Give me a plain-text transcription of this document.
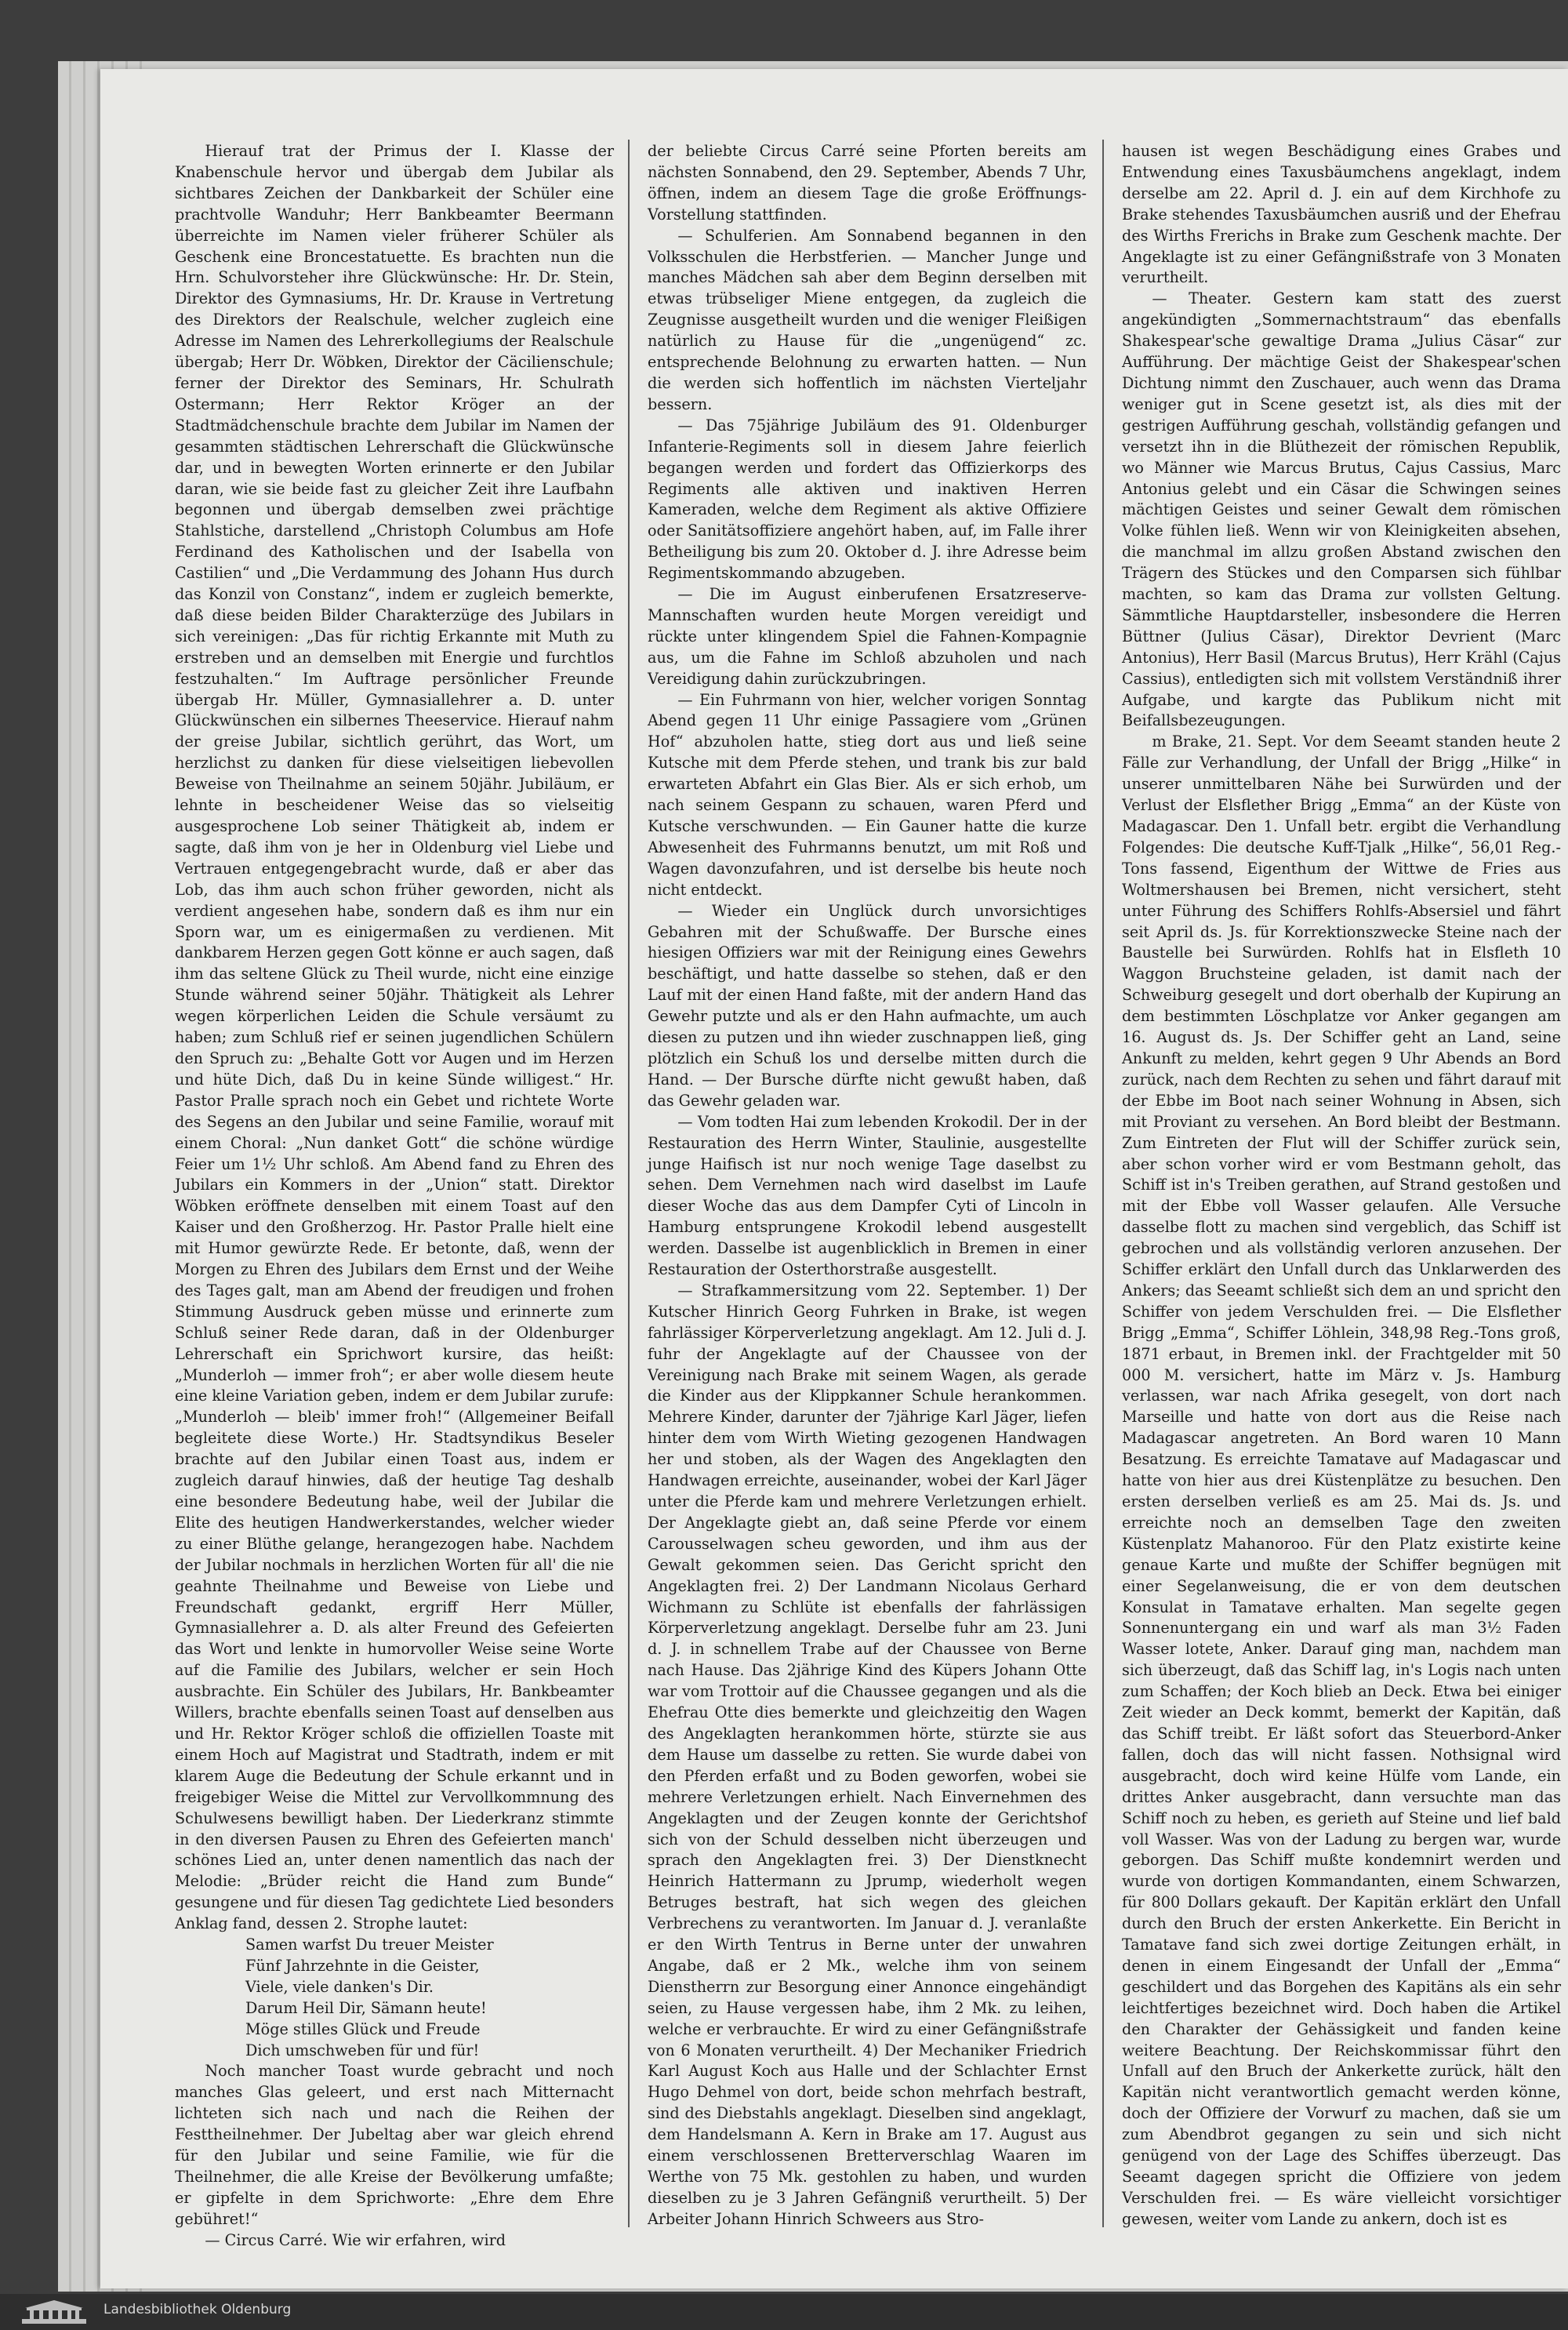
Hierauf trat der Primus der I. Klasse der Knabenschule hervor und übergab dem Jubilar als sichtbares Zeichen der Dankbarkeit der Schüler eine prachtvolle Wanduhr; Herr Bankbeamter Beermann überreichte im Namen vieler früherer Schüler als Geschenk eine Broncestatuette. Es brachten nun die Hrn. Schulvorsteher ihre Glückwünsche: Hr. Dr. Stein, Direktor des Gymnasiums, Hr. Dr. Krause in Vertretung des Direktors der Realschule, welcher zugleich eine Adresse im Namen des Lehrerkollegiums der Realschule übergab; Herr Dr. Wöbken, Direktor der Cäcilienschule; ferner der Direktor des Seminars, Hr. Schulrath Ostermann; Herr Rektor Kröger an der Stadtmädchenschule brachte dem Jubilar im Namen der gesammten städtischen Lehrerschaft die Glückwünsche dar, und in bewegten Worten erinnerte er den Jubilar daran, wie sie beide fast zu gleicher Zeit ihre Laufbahn begonnen und übergab demselben zwei prächtige Stahlstiche, darstellend „Christoph Columbus am Hofe Ferdinand des Katholischen und der Isabella von Castilien“ und „Die Verdammung des Johann Hus durch das Konzil von Constanz“, indem er zugleich bemerkte, daß diese beiden Bilder Charakterzüge des Jubilars in sich vereinigen: „Das für richtig Erkannte mit Muth zu erstreben und an demselben mit Energie und furchtlos festzuhalten.“ Im Auftrage persönlicher Freunde übergab Hr. Müller, Gymnasiallehrer a. D. unter Glückwünschen ein silbernes Theeservice. Hierauf nahm der greise Jubilar, sichtlich gerührt, das Wort, um herzlichst zu danken für diese vielseitigen liebevollen Beweise von Theilnahme an seinem 50jähr. Jubiläum, er lehnte in bescheidener Weise das so vielseitig ausgesprochene Lob seiner Thätigkeit ab, indem er sagte, daß ihm von je her in Oldenburg viel Liebe und Vertrauen entgegengebracht wurde, daß er aber das Lob, das ihm auch schon früher geworden, nicht als verdient angesehen habe, sondern daß es ihm nur ein Sporn war, um es einigermaßen zu verdienen. Mit dankbarem Herzen gegen Gott könne er auch sagen, daß ihm das seltene Glück zu Theil wurde, nicht eine einzige Stunde während seiner 50jähr. Thätigkeit als Lehrer wegen körperlichen Leiden die Schule versäumt zu haben; zum Schluß rief er seinen jugendlichen Schülern den Spruch zu: „Behalte Gott vor Augen und im Herzen und hüte Dich, daß Du in keine Sünde willigest.“ Hr. Pastor Pralle sprach noch ein Gebet und richtete Worte des Segens an den Jubilar und seine Familie, worauf mit einem Choral: „Nun danket Gott“ die schöne würdige Feier um 1½ Uhr schloß. Am Abend fand zu Ehren des Jubilars ein Kommers in der „Union“ statt. Direktor Wöbken eröffnete denselben mit einem Toast auf den Kaiser und den Großherzog. Hr. Pastor Pralle hielt eine mit Humor gewürzte Rede. Er betonte, daß, wenn der Morgen zu Ehren des Jubilars dem Ernst und der Weihe des Tages galt, man am Abend der freudigen und frohen Stimmung Ausdruck geben müsse und erinnerte zum Schluß seiner Rede daran, daß in der Oldenburger Lehrerschaft ein Sprichwort kursire, das heißt: „Munderloh — immer froh“; er aber wolle diesem heute eine kleine Variation geben, indem er dem Jubilar zurufe: „Munderloh — bleib' immer froh!“ (Allgemeiner Beifall begleitete diese Worte.) Hr. Stadtsyndikus Beseler brachte auf den Jubilar einen Toast aus, indem er zugleich darauf hinwies, daß der heutige Tag deshalb eine besondere Bedeutung habe, weil der Jubilar die Elite des heutigen Handwerkerstandes, welcher wieder zu einer Blüthe gelange, herangezogen habe. Nachdem der Jubilar nochmals in herzlichen Worten für all' die nie geahnte Theilnahme und Beweise von Liebe und Freundschaft gedankt, ergriff Herr Müller, Gymnasiallehrer a. D. als alter Freund des Gefeierten das Wort und lenkte in humorvoller Weise seine Worte auf die Familie des Jubilars, welcher er sein Hoch ausbrachte. Ein Schüler des Jubilars, Hr. Bankbeamter Willers, brachte ebenfalls seinen Toast auf denselben aus und Hr. Rektor Kröger schloß die offiziellen Toaste mit einem Hoch auf Magistrat und Stadtrath, indem er mit klarem Auge die Bedeutung der Schule erkannt und in freigebiger Weise die Mittel zur Vervollkommnung des Schulwesens bewilligt haben. Der Liederkranz stimmte in den diversen Pausen zu Ehren des Gefeierten manch' schönes Lied an, unter denen namentlich das nach der Melodie: „Brüder reicht die Hand zum Bunde“ gesungene und für diesen Tag gedichtete Lied besonders Anklag fand, dessen 2. Strophe lautet:

Samen warfst Du treuer Meister

Fünf Jahrzehnte in die Geister,

Viele, viele danken's Dir.

Darum Heil Dir, Sämann heute!

Möge stilles Glück und Freude

Dich umschweben für und für!

Noch mancher Toast wurde gebracht und noch manches Glas geleert, und erst nach Mitternacht lichteten sich nach und nach die Reihen der Festtheilnehmer. Der Jubeltag aber war gleich ehrend für den Jubilar und seine Familie, wie für die Theilnehmer, die alle Kreise der Bevölkerung umfaßte; er gipfelte in dem Sprichworte: „Ehre dem Ehre gebühret!“

— Circus Carré. Wie wir erfahren, wird

der beliebte Circus Carré seine Pforten bereits am nächsten Sonnabend, den 29. September, Abends 7 Uhr, öffnen, indem an diesem Tage die große Eröffnungs-Vorstellung stattfinden.

— Schulferien. Am Sonnabend begannen in den Volksschulen die Herbstferien. — Mancher Junge und manches Mädchen sah aber dem Beginn derselben mit etwas trübseliger Miene entgegen, da zugleich die Zeugnisse ausgetheilt wurden und die weniger Fleißigen natürlich zu Hause für die „ungenügend“ zc. entsprechende Belohnung zu erwarten hatten. — Nun die werden sich hoffentlich im nächsten Vierteljahr bessern.

— Das 75jährige Jubiläum des 91. Oldenburger Infanterie-Regiments soll in diesem Jahre feierlich begangen werden und fordert das Offizierkorps des Regiments alle aktiven und inaktiven Herren Kameraden, welche dem Regiment als aktive Offiziere oder Sanitätsoffiziere angehört haben, auf, im Falle ihrer Betheiligung bis zum 20. Oktober d. J. ihre Adresse beim Regimentskommando abzugeben.

— Die im August einberufenen Ersatzreserve-Mannschaften wurden heute Morgen vereidigt und rückte unter klingendem Spiel die Fahnen-Kompagnie aus, um die Fahne im Schloß abzuholen und nach Vereidigung dahin zurückzubringen.

— Ein Fuhrmann von hier, welcher vorigen Sonntag Abend gegen 11 Uhr einige Passagiere vom „Grünen Hof“ abzuholen hatte, stieg dort aus und ließ seine Kutsche mit dem Pferde stehen, und trank bis zur bald erwarteten Abfahrt ein Glas Bier. Als er sich erhob, um nach seinem Gespann zu schauen, waren Pferd und Kutsche verschwunden. — Ein Gauner hatte die kurze Abwesenheit des Fuhrmanns benutzt, um mit Roß und Wagen davonzufahren, und ist derselbe bis heute noch nicht entdeckt.

— Wieder ein Unglück durch unvorsichtiges Gebahren mit der Schußwaffe. Der Bursche eines hiesigen Offiziers war mit der Reinigung eines Gewehrs beschäftigt, und hatte dasselbe so stehen, daß er den Lauf mit der einen Hand faßte, mit der andern Hand das Gewehr putzte und als er den Hahn aufmachte, um auch diesen zu putzen und ihn wieder zuschnappen ließ, ging plötzlich ein Schuß los und derselbe mitten durch die Hand. — Der Bursche dürfte nicht gewußt haben, daß das Gewehr geladen war.

— Vom todten Hai zum lebenden Krokodil. Der in der Restauration des Herrn Winter, Staulinie, ausgestellte junge Haifisch ist nur noch wenige Tage daselbst zu sehen. Dem Vernehmen nach wird daselbst im Laufe dieser Woche das aus dem Dampfer Cyti of Lincoln in Hamburg entsprungene Krokodil lebend ausgestellt werden. Dasselbe ist augenblicklich in Bremen in einer Restauration der Osterthorstraße ausgestellt.

— Strafkammersitzung vom 22. September. 1) Der Kutscher Hinrich Georg Fuhrken in Brake, ist wegen fahrlässiger Körperverletzung angeklagt. Am 12. Juli d. J. fuhr der Angeklagte auf der Chaussee von der Vereinigung nach Brake mit seinem Wagen, als gerade die Kinder aus der Klippkanner Schule herankommen. Mehrere Kinder, darunter der 7jährige Karl Jäger, liefen hinter dem vom Wirth Wieting gezogenen Handwagen her und stoben, als der Wagen des Angeklagten den Handwagen erreichte, auseinander, wobei der Karl Jäger unter die Pferde kam und mehrere Verletzungen erhielt. Der Angeklagte giebt an, daß seine Pferde vor einem Carousselwagen scheu geworden, und ihm aus der Gewalt gekommen seien. Das Gericht spricht den Angeklagten frei. 2) Der Landmann Nicolaus Gerhard Wichmann zu Schlüte ist ebenfalls der fahrlässigen Körperverletzung angeklagt. Derselbe fuhr am 23. Juni d. J. in schnellem Trabe auf der Chaussee von Berne nach Hause. Das 2jährige Kind des Küpers Johann Otte war vom Trottoir auf die Chaussee gegangen und als die Ehefrau Otte dies bemerkte und gleichzeitig den Wagen des Angeklagten herankommen hörte, stürzte sie aus dem Hause um dasselbe zu retten. Sie wurde dabei von den Pferden erfaßt und zu Boden geworfen, wobei sie mehrere Verletzungen erhielt. Nach Einvernehmen des Angeklagten und der Zeugen konnte der Gerichtshof sich von der Schuld desselben nicht überzeugen und sprach den Angeklagten frei. 3) Der Dienstknecht Heinrich Hattermann zu Jprump, wiederholt wegen Betruges bestraft, hat sich wegen des gleichen Verbrechens zu verantworten. Im Januar d. J. veranlaßte er den Wirth Tentrus in Berne unter der unwahren Angabe, daß er 2 Mk., welche ihm von seinem Dienstherrn zur Besorgung einer Annonce eingehändigt seien, zu Hause vergessen habe, ihm 2 Mk. zu leihen, welche er verbrauchte. Er wird zu einer Gefängnißstrafe von 6 Monaten verurtheilt. 4) Der Mechaniker Friedrich Karl August Koch aus Halle und der Schlachter Ernst Hugo Dehmel von dort, beide schon mehrfach bestraft, sind des Diebstahls angeklagt. Dieselben sind angeklagt, dem Handelsmann A. Kern in Brake am 17. August aus einem verschlossenen Bretterverschlag Waaren im Werthe von 75 Mk. gestohlen zu haben, und wurden dieselben zu je 3 Jahren Gefängniß verurtheilt. 5) Der Arbeiter Johann Hinrich Schweers aus Stro-

hausen ist wegen Beschädigung eines Grabes und Entwendung eines Taxusbäumchens angeklagt, indem derselbe am 22. April d. J. ein auf dem Kirchhofe zu Brake stehendes Taxusbäumchen ausriß und der Ehefrau des Wirths Frerichs in Brake zum Geschenk machte. Der Angeklagte ist zu einer Gefängnißstrafe von 3 Monaten verurtheilt.

— Theater. Gestern kam statt des zuerst angekündigten „Sommernachtstraum“ das ebenfalls Shakespear'sche gewaltige Drama „Julius Cäsar“ zur Aufführung. Der mächtige Geist der Shakespear'schen Dichtung nimmt den Zuschauer, auch wenn das Drama weniger gut in Scene gesetzt ist, als dies mit der gestrigen Aufführung geschah, vollständig gefangen und versetzt ihn in die Blüthezeit der römischen Republik, wo Männer wie Marcus Brutus, Cajus Cassius, Marc Antonius gelebt und ein Cäsar die Schwingen seines mächtigen Geistes und seiner Gewalt dem römischen Volke fühlen ließ. Wenn wir von Kleinigkeiten absehen, die manchmal im allzu großen Abstand zwischen den Trägern des Stückes und den Comparsen sich fühlbar machten, so kam das Drama zur vollsten Geltung. Sämmtliche Hauptdarsteller, insbesondere die Herren Büttner (Julius Cäsar), Direktor Devrient (Marc Antonius), Herr Basil (Marcus Brutus), Herr Krähl (Cajus Cassius), entledigten sich mit vollstem Verständniß ihrer Aufgabe, und kargte das Publikum nicht mit Beifallsbezeugungen.

m Brake, 21. Sept. Vor dem Seeamt standen heute 2 Fälle zur Verhandlung, der Unfall der Brigg „Hilke“ in unserer unmittelbaren Nähe bei Surwürden und der Verlust der Elsflether Brigg „Emma“ an der Küste von Madagascar. Den 1. Unfall betr. ergibt die Verhandlung Folgendes: Die deutsche Kuff-Tjalk „Hilke“, 56,01 Reg.-Tons fassend, Eigenthum der Wittwe de Fries aus Woltmershausen bei Bremen, nicht versichert, steht unter Führung des Schiffers Rohlfs-Absersiel und fährt seit April ds. Js. für Korrektionszwecke Steine nach der Baustelle bei Surwürden. Rohlfs hat in Elsfleth 10 Waggon Bruchsteine geladen, ist damit nach der Schweiburg gesegelt und dort oberhalb der Kupirung an dem bestimmten Löschplatze vor Anker gegangen am 16. August ds. Js. Der Schiffer geht an Land, seine Ankunft zu melden, kehrt gegen 9 Uhr Abends an Bord zurück, nach dem Rechten zu sehen und fährt darauf mit der Ebbe im Boot nach seiner Wohnung in Absen, sich mit Proviant zu versehen. An Bord bleibt der Bestmann. Zum Eintreten der Flut will der Schiffer zurück sein, aber schon vorher wird er vom Bestmann geholt, das Schiff ist in's Treiben gerathen, auf Strand gestoßen und mit der Ebbe voll Wasser gelaufen. Alle Versuche dasselbe flott zu machen sind vergeblich, das Schiff ist gebrochen und als vollständig verloren anzusehen. Der Schiffer erklärt den Unfall durch das Unklarwerden des Ankers; das Seeamt schließt sich dem an und spricht den Schiffer von jedem Verschulden frei. — Die Elsflether Brigg „Emma“, Schiffer Löhlein, 348,98 Reg.-Tons groß, 1871 erbaut, in Bremen inkl. der Frachtgelder mit 50 000 M. versichert, hatte im März v. Js. Hamburg verlassen, war nach Afrika gesegelt, von dort nach Marseille und hatte von dort aus die Reise nach Madagascar angetreten. An Bord waren 10 Mann Besatzung. Es erreichte Tamatave auf Madagascar und hatte von hier aus drei Küstenplätze zu besuchen. Den ersten derselben verließ es am 25. Mai ds. Js. und erreichte noch an demselben Tage den zweiten Küstenplatz Mahanoroo. Für den Platz existirte keine genaue Karte und mußte der Schiffer begnügen mit einer Segelanweisung, die er von dem deutschen Konsulat in Tamatave erhalten. Man segelte gegen Sonnenuntergang ein und warf als man 3½ Faden Wasser lotete, Anker. Darauf ging man, nachdem man sich überzeugt, daß das Schiff lag, in's Logis nach unten zum Schaffen; der Koch blieb an Deck. Etwa bei einiger Zeit wieder an Deck kommt, bemerkt der Kapitän, daß das Schiff treibt. Er läßt sofort das Steuerbord-Anker fallen, doch das will nicht fassen. Nothsignal wird ausgebracht, doch wird keine Hülfe vom Lande, ein drittes Anker ausgebracht, dann versuchte man das Schiff noch zu heben, es gerieth auf Steine und lief bald voll Wasser. Was von der Ladung zu bergen war, wurde geborgen. Das Schiff mußte kondemnirt werden und wurde von dortigen Kommandanten, einem Schwarzen, für 800 Dollars gekauft. Der Kapitän erklärt den Unfall durch den Bruch der ersten Ankerkette. Ein Bericht in Tamatave fand sich zwei dortige Zeitungen erhält, in denen in einem Eingesandt der Unfall der „Emma“ geschildert und das Borgehen des Kapitäns als ein sehr leichtfertiges bezeichnet wird. Doch haben die Artikel den Charakter der Gehässigkeit und fanden keine weitere Beachtung. Der Reichskommissar führt den Unfall auf den Bruch der Ankerkette zurück, hält den Kapitän nicht verantwortlich gemacht werden könne, doch der Offiziere der Vorwurf zu machen, daß sie um zum Abendbrot gegangen zu sein und sich nicht genügend von der Lage des Schiffes überzeugt. Das Seeamt dagegen spricht die Offiziere von jedem Verschulden frei. — Es wäre vielleicht vorsichtiger gewesen, weiter vom Lande zu ankern, doch ist es

Landesbibliothek Oldenburg
